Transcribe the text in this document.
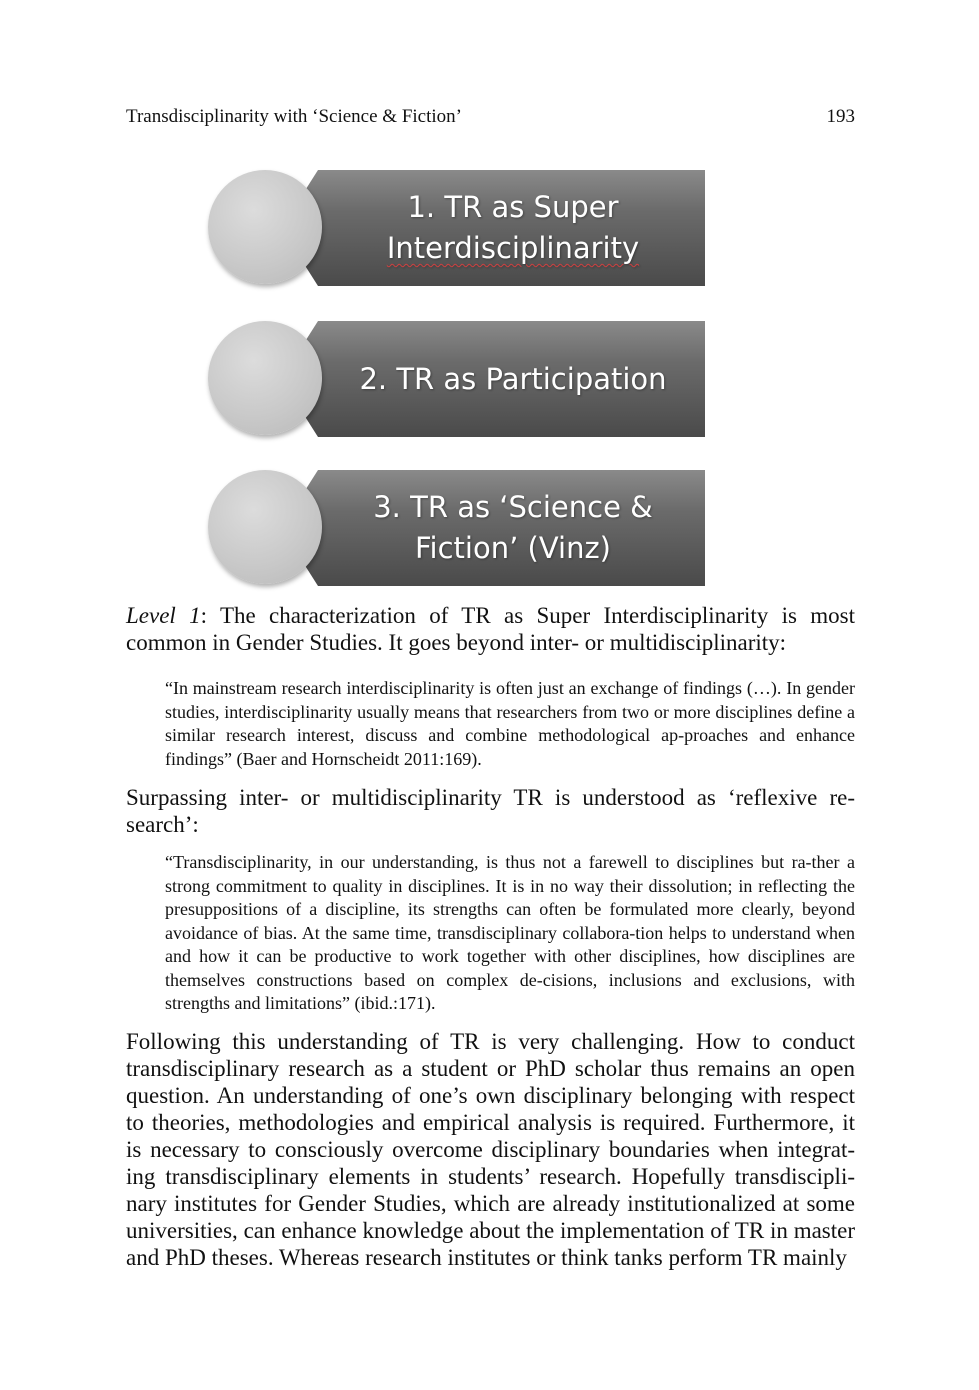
Transdisciplinarity with ‘Science & Fiction’	193
1. TR as Super
Interdisciplinarity
2. TR as Participation
3. TR as ‘Science &
Fiction’ (Vinz)

Level 1: The characterization of TR as Super Interdisciplinarity is most common in Gender Studies. It goes beyond inter- or multidisciplinarity:

“In mainstream research interdisciplinarity is often just an exchange of findings (…). In gender studies, interdisciplinarity usually means that researchers from two or more disciplines define a similar research interest, discuss and combine methodological ap-proaches and enhance findings” (Baer and Hornscheidt 2011:169).

Surpassing inter- or multidisciplinarity TR is understood as ‘reflexive re-search’:

“Transdisciplinarity, in our understanding, is thus not a farewell to disciplines but ra-ther a strong commitment to quality in disciplines. It is in no way their dissolution; in reflecting the presuppositions of a discipline, its strengths can often be formulated more clearly, beyond avoidance of bias. At the same time, transdisciplinary collabora-tion helps to understand when and how it can be productive to work together with other disciplines, how disciplines are themselves constructions based on complex de-cisions, inclusions and exclusions, with strengths and limitations” (ibid.:171).

Following this understanding of TR is very challenging. How to conduct transdisciplinary research as a student or PhD scholar thus remains an open question. An understanding of one’s own disciplinary belonging with respect to theories, methodologies and empirical analysis is required. Furthermore, it is necessary to consciously overcome disciplinary boundaries when integrat-ing transdisciplinary elements in students’ research. Hopefully transdiscipli-nary institutes for Gender Studies, which are already institutionalized at some universities, can enhance knowledge about the implementation of TR in master and PhD theses. Whereas research institutes or think tanks perform TR mainly
